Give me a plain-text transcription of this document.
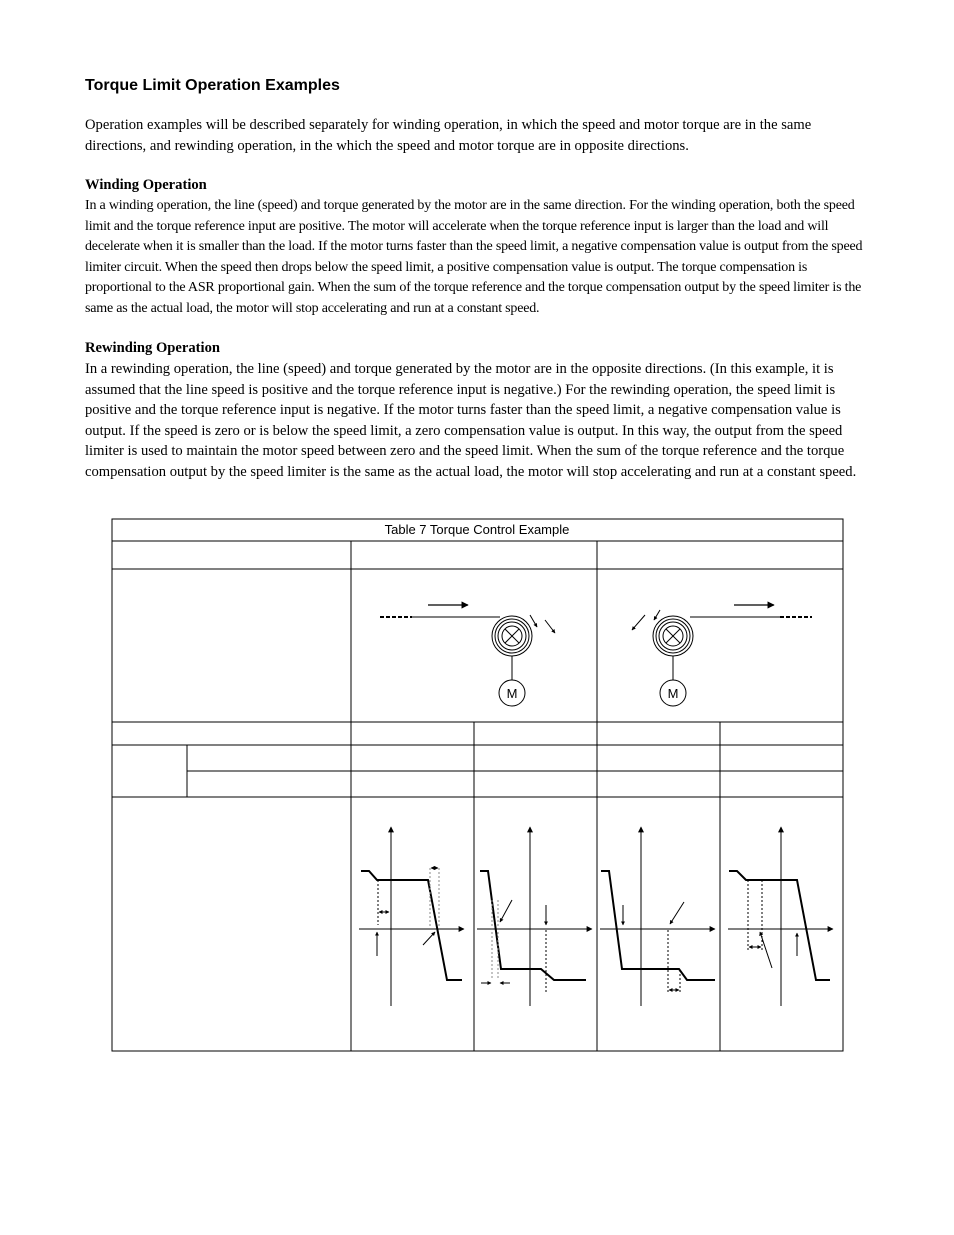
Torque Limit Operation Examples

Operation examples will be described separately for winding operation, in which the speed and motor torque are in the same directions, and rewinding operation, in the which the speed and motor torque are in opposite directions.

Winding Operation

In a winding operation, the line (speed) and torque generated by the motor are in the same direction. For the winding operation, both the speed limit and the torque reference input are positive. The motor will accelerate when the torque reference input is larger than the load and will decelerate when it is smaller than the load. If the motor turns faster than the speed limit, a negative compensation value is output from the speed limiter circuit. When the speed then drops below the speed limit, a positive compensation value is output. The torque compensation is proportional to the ASR proportional gain. When the sum of the torque reference and the torque compensation output by the speed limiter is the same as the actual load, the motor will stop accelerating and run at a constant speed.

Rewinding Operation

In a rewinding operation, the line (speed) and torque generated by the motor are in the opposite directions. (In this example, it is assumed that the line speed is positive and the torque reference input is negative.) For the rewinding operation, the speed limit is positive and the torque reference input is negative. If the motor turns faster than the speed limit, a negative compensation value is output. If the speed is zero or is below the speed limit, a zero compensation value is output. In this way, the output from the speed limiter is used to maintain the motor speed between zero and the speed limit. When the sum of the torque reference and the torque compensation output by the speed limiter is the same as the actual load, the motor will stop accelerating and run at a constant speed.

Table 7 Torque Control Example
M	M
